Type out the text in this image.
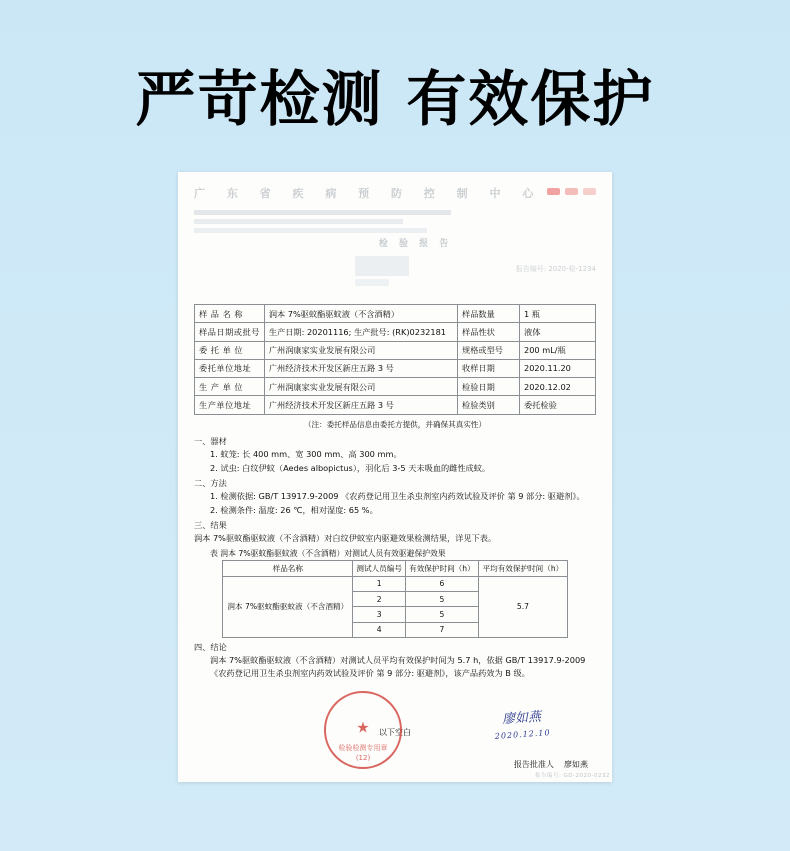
严苛检测 有效保护
广 东 省 疾 病 预 防 控 制 中 心
检 验 报 告
报告编号: 2020-检-1234
样 品 名 称	润本 7%驱蚊酯驱蚊液（不含酒精）	样品数量	1 瓶
样品日期或批号	生产日期: 20201116; 生产批号: (RK)0232181	样品性状	液体
委 托 单 位	广州润康家实业发展有限公司	规格或型号	200 mL/瓶
委托单位地址	广州经济技术开发区新庄五路 3 号	收样日期	2020.11.20
生 产 单 位	广州润康家实业发展有限公司	检验日期	2020.12.02
生产单位地址	广州经济技术开发区新庄五路 3 号	检验类别	委托检验
（注：委托样品信息由委托方提供，并确保其真实性）
一、器材
1. 蚊笼: 长 400 mm、宽 300 mm、高 300 mm。
2. 试虫: 白纹伊蚊（Aedes albopictus），羽化后 3-5 天未吸血的雌性成蚊。
二、方法
1. 检测依据: GB/T 13917.9-2009 《农药登记用卫生杀虫剂室内药效试验及评价 第 9 部分: 驱避剂》。
2. 检测条件: 温度: 26 ℃，相对湿度: 65 %。
三、结果
润本 7%驱蚊酯驱蚊液（不含酒精）对白纹伊蚊室内驱避效果检测结果，详见下表。
表 润本 7%驱蚊酯驱蚊液（不含酒精）对测试人员有效驱避保护效果
样品名称	测试人员编号	有效保护时间（h）	平均有效保护时间（h）
润本 7%驱蚊酯驱蚊液（不含酒精）	1	6	5.7
	2	5	
	3	5	
	4	7	
四、结论
润本 7%驱蚊酯驱蚊液（不含酒精）对测试人员平均有效保护时间为 5.7 h，依据 GB/T 13917.9-2009 《农药登记用卫生杀虫剂室内药效试验及评价 第 9 部分: 驱避剂》，该产品药效为 B 级。
以下空白
★
检验检测专用章
(12)
廖如燕
2020.12.10
报告批准人 廖如燕
报告编号: GD-2020-0232
